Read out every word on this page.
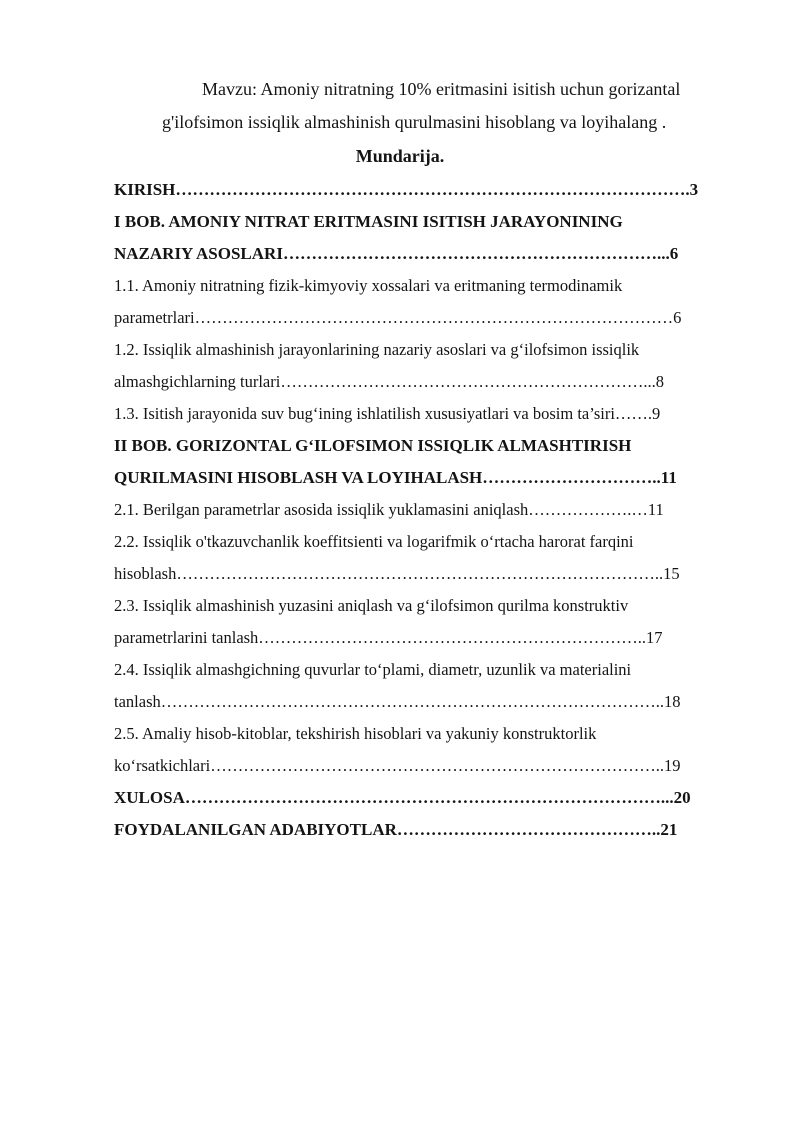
Mavzu: Amoniy nitratning 10% eritmasini isitish uchun gorizantal
g'ilofsimon issiqlik almashinish qurulmasini hisoblang va loyihalang .
Mundarija.
KIRISH……………………………………………………………………………….3
I BOB. AMONIY NITRAT ERITMASINI ISITISH JARAYONINING
NAZARIY ASOSLARI…………………………………………………………...6
1.1. Amoniy nitratning fizik-kimyoviy xossalari va eritmaning termodinamik
parametrlari……………………………………………………………………………6
1.2. Issiqlik almashinish jarayonlarining nazariy asoslari va g‘ilofsimon issiqlik
almashgichlarning turlari…………………………………………………………...8
1.3. Isitish jarayonida suv bug‘ining ishlatilish xususiyatlari va bosim ta’siri…….9
II BOB. GORIZONTAL G‘ILOFSIMON ISSIQLIK ALMASHTIRISH
QURILMASINI HISOBLASH VA LOYIHALASH…………………………..11
2.1. Berilgan parametrlar asosida issiqlik yuklamasini aniqlash……………….…11
2.2. Issiqlik o'tkazuvchanlik koeffitsienti va logarifmik o‘rtacha harorat farqini
hisoblash……………………………………………………………………………..15
2.3. Issiqlik almashinish yuzasini aniqlash va g‘ilofsimon qurilma konstruktiv
parametrlarini tanlash……………………………………………………………..17
2.4. Issiqlik almashgichning quvurlar to‘plami, diametr, uzunlik va materialini
tanlash………………………………………………………………………………..18
2.5. Amaliy hisob-kitoblar, tekshirish hisoblari va yakuniy konstruktorlik
ko‘rsatkichlari………………………………………………………………………..19
XULOSA…………………………………………………………………………...20
FOYDALANILGAN ADABIYOTLAR………………………………………..21
